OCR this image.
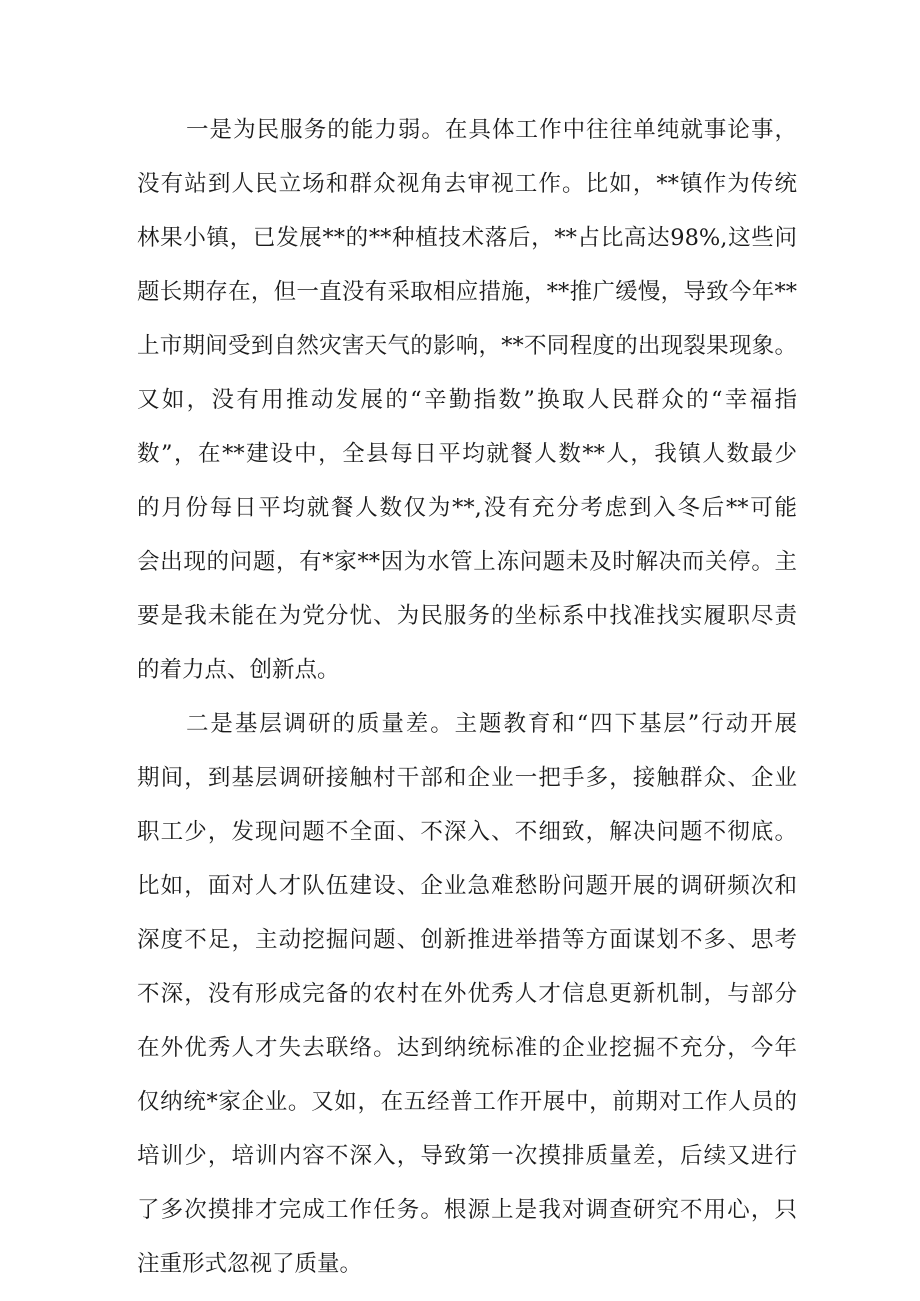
一是为民服务的能力弱。在具体工作中往往单纯就事论事，
没有站到人民立场和群众视角去审视工作。比如，**镇作为传统
林果小镇，已发展**的**种植技术落后，**占比高达98%,这些问
题长期存在，但一直没有采取相应措施，**推广缓慢，导致今年**
上市期间受到自然灾害天气的影响，**不同程度的出现裂果现象。
又如，没有用推动发展的“辛勤指数”换取人民群众的“幸福指
数”，在**建设中，全县每日平均就餐人数**人，我镇人数最少
的月份每日平均就餐人数仅为**,没有充分考虑到入冬后**可能
会出现的问题，有*家**因为水管上冻问题未及时解决而关停。主
要是我未能在为党分忧、为民服务的坐标系中找准找实履职尽责
的着力点、创新点。
二是基层调研的质量差。主题教育和“四下基层”行动开展
期间，到基层调研接触村干部和企业一把手多，接触群众、企业
职工少，发现问题不全面、不深入、不细致，解决问题不彻底。
比如，面对人才队伍建设、企业急难愁盼问题开展的调研频次和
深度不足，主动挖掘问题、创新推进举措等方面谋划不多、思考
不深，没有形成完备的农村在外优秀人才信息更新机制，与部分
在外优秀人才失去联络。达到纳统标准的企业挖掘不充分，今年
仅纳统*家企业。又如，在五经普工作开展中，前期对工作人员的
培训少，培训内容不深入，导致第一次摸排质量差，后续又进行
了多次摸排才完成工作任务。根源上是我对调查研究不用心，只
注重形式忽视了质量。
